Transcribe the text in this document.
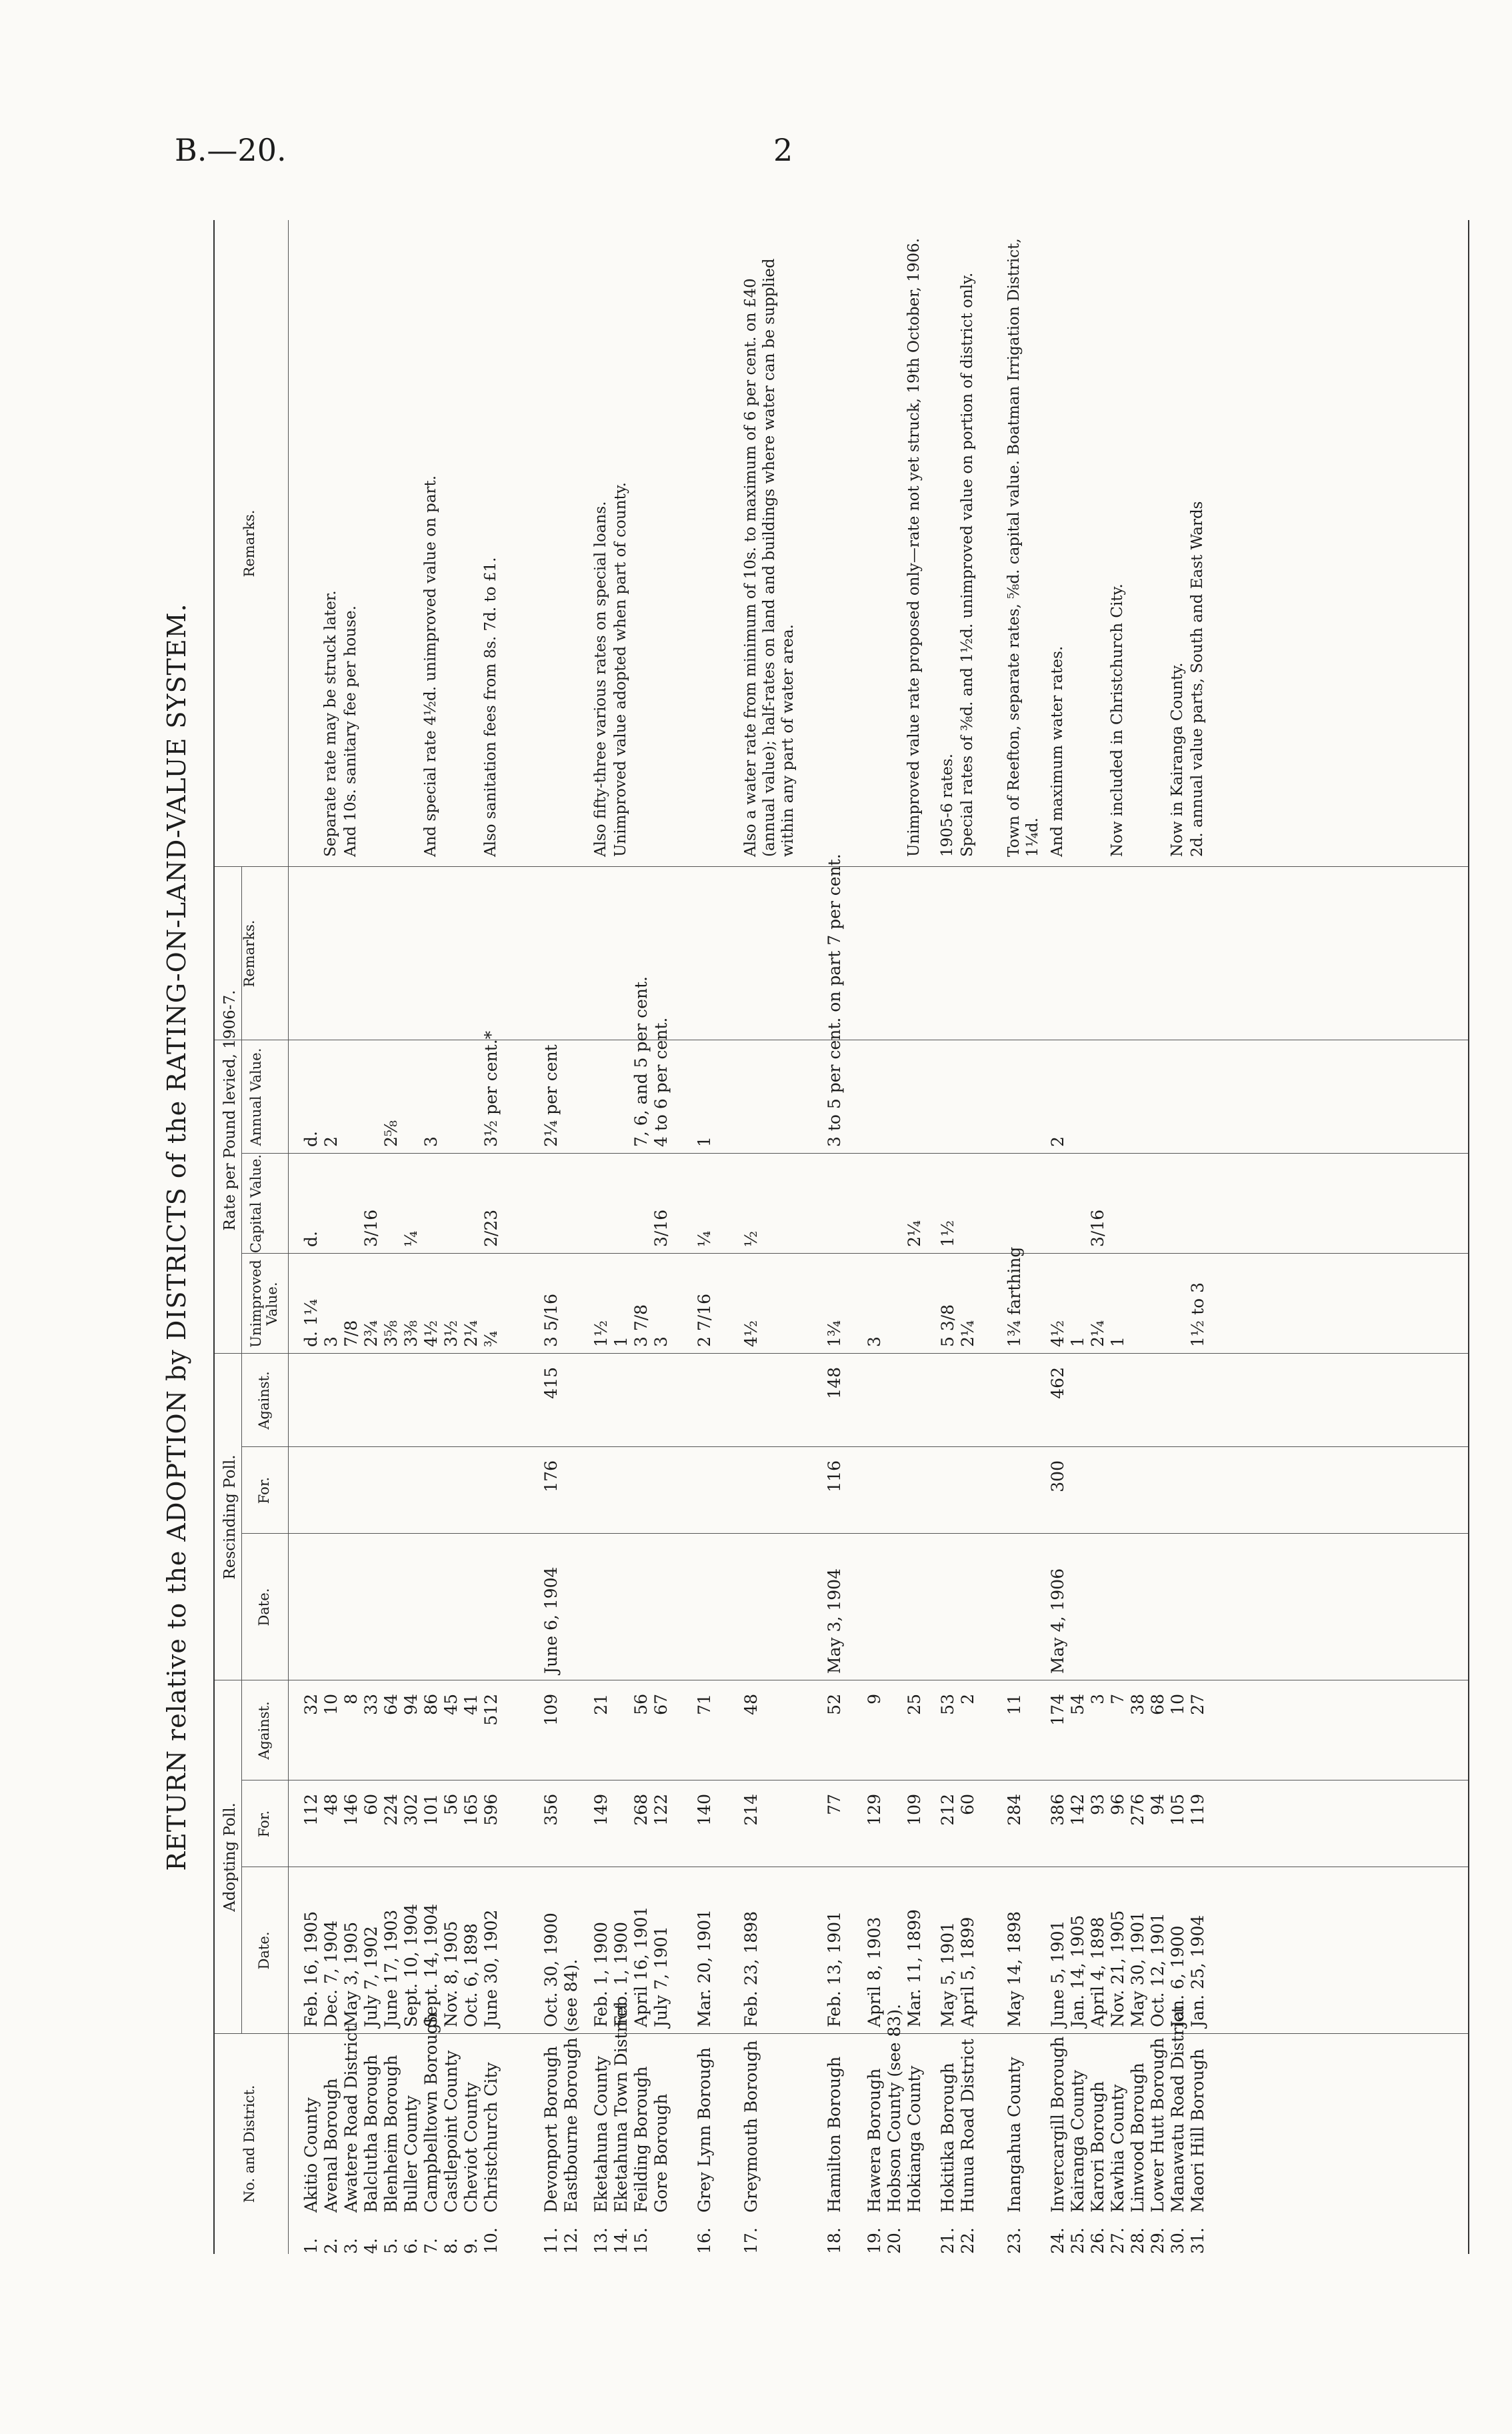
B.—20.	2
RETURN relative to the ADOPTION by DISTRICTS of the RATING-ON-LAND-VALUE SYSTEM. Adopting Poll.
Rescinding Poll.
Rate per Pound levied, 1906-7.
No. and District.
Date.
For.
Against.
Date.
For.
Against.
Unimproved Value.
Capital Value.
Annual Value.
Remarks.
Remarks.
1.
Akitio County
Feb. 16, 1905
112
32
d. 1¼
d.
d.
2.
Avenal Borough
Dec. 7, 1904
48
10
3
2
Separate rate may be struck later.
3.
Awatere Road District
May 3, 1905
146
8
7/8
And 10s. sanitary fee per house.
4.
Balclutha Borough
July 7, 1902
60
33
2¾
3/16
5.
Blenheim Borough
June 17, 1903
224
64
3⅝
2⅝
6.
Buller County
Sept. 10, 1904
302
94
3⅜
¼
7.
Campbelltown Borough
Sept. 14, 1904
101
86
4½
3
And special rate 4½d. unimproved value on part.
8.
Castlepoint County
Nov. 8, 1905
56
45
3½
9.
Cheviot County
Oct. 6, 1898
165
41
2¼
10.
Christchurch City
June 30, 1902
596
512
¾
2/23
3½ per cent.*
Also sanitation fees from 8s. 7d. to £1.
11.
Devonport Borough
Oct. 30, 1900
356
109
June 6, 1904
176
415
3 5/16
2¼ per cent
12.
Eastbourne Borough (see 84).
13.
Eketahuna County
Feb. 1, 1900
149
21
1½
Also fifty-three various rates on special loans.
14.
Eketahuna Town District
Feb. 1, 1900
1
Unimproved value adopted when part of county.
15.
Feilding Borough
April 16, 1901
268
56
3 7/8
7, 6, and 5 per cent.
Gore Borough
July 7, 1901
122
67
3
3/16
4 to 6 per cent.
16.
Grey Lynn Borough
Mar. 20, 1901
140
71
2 7/16
¼
1
17.
Greymouth Borough
Feb. 23, 1898
214
48
4½
½
Also a water rate from minimum of 10s. to maximum of 6 per cent. on £40 (annual value); half-rates on land and buildings where water can be supplied within any part of water area.
18.
Hamilton Borough
Feb. 13, 1901
77
52
May 3, 1904
116
148
1¾
3 to 5 per cent. on part 7 per cent.
19.
Hawera Borough
April 8, 1903
129
9
3
20.
Hobson County (see 83). Hokianga County
Mar. 11, 1899
109
25
2¼
Unimproved value rate proposed only—rate not yet struck, 19th October, 1906.
21.
Hokitika Borough
May 5, 1901
212
53
5 3/8
1½
1905-6 rates.
22.
Hunua Road District
April 5, 1899
60
2
2¼
Special rates of ⅜d. and 1½d. unimproved value on portion of district only.
23.
Inangahua County
May 14, 1898
284
11
1¾ farthing
Town of Reefton, separate rates, ⅝d. capital value. Boatman Irrigation District, 1¼d.
24.
Invercargill Borough
June 5, 1901
386
174
May 4, 1906
300
462
4½
2
And maximum water rates.
25.
Kairanga County
Jan. 14, 1905
142
54
1
26.
Karori Borough
April 4, 1898
93
3
2¼
3/16
27.
Kawhia County
Nov. 21, 1905
96
7
1
Now included in Christchurch City.
28.
Linwood Borough
May 30, 1901
276
38
29.
Lower Hutt Borough
Oct. 12, 1901
94
68
30.
Manawatu Road District
Jan. 6, 1900
105
10
Now in Kairanga County.
31.
Maori Hill Borough
Jan. 25, 1904
119
27
1½ to 3
2d. annual value parts, South and East Wards
